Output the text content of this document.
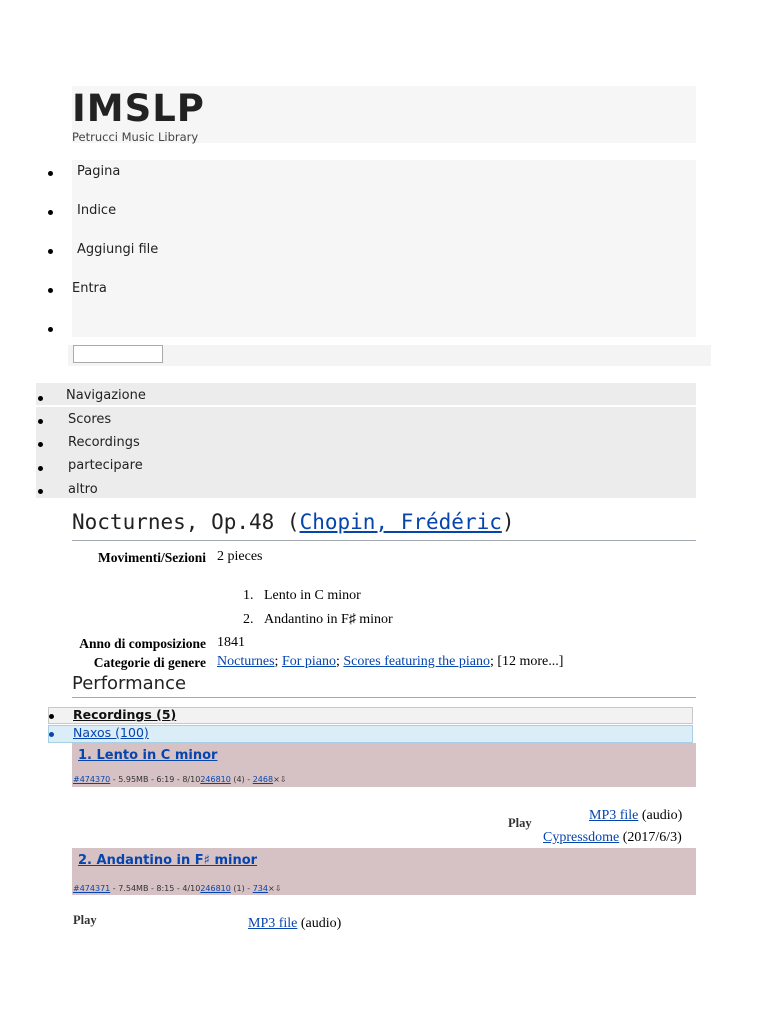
IMSLP
Petrucci Music Library
Pagina
Indice
Aggiungi file
Entra
Navigazione
Scores
Recordings
partecipare
altro
Nocturnes, Op.48 (Chopin, Frédéric)
Movimenti/Sezioni 2 pieces
1. Lento in C minor
2. Andantino in F♯ minor
Anno di composizione 1841
Categorie di genere Nocturnes; For piano; Scores featuring the piano; [12 more...]
Performance
Recordings (5)
Naxos (100)
1. Lento in C minor
#474370 - 5.95MB - 6:19 - 8/10246810 (4) - 2468×⇩
Play	MP3 file (audio)
Cypressdome (2017/6/3)
2. Andantino in F♯ minor
#474371 - 7.54MB - 8:15 - 4/10246810 (1) - 734×⇩
Play	MP3 file (audio)
